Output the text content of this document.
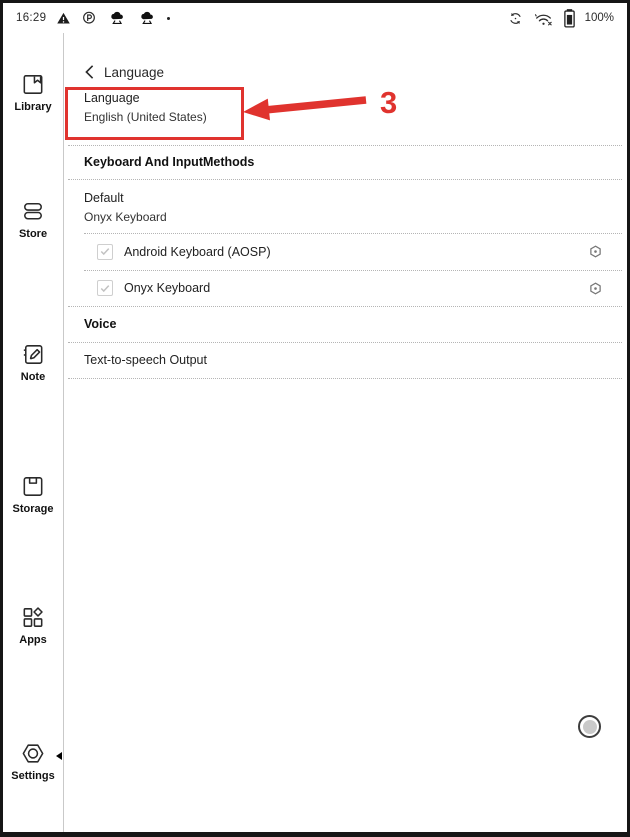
16:29	100%
Library
Store
Note
Storage
Apps
Settings
Language
Language
English (United States)
Keyboard And InputMethods
Default
Onyx Keyboard
Android Keyboard (AOSP)
Onyx Keyboard
Voice
Text-to-speech Output
3
